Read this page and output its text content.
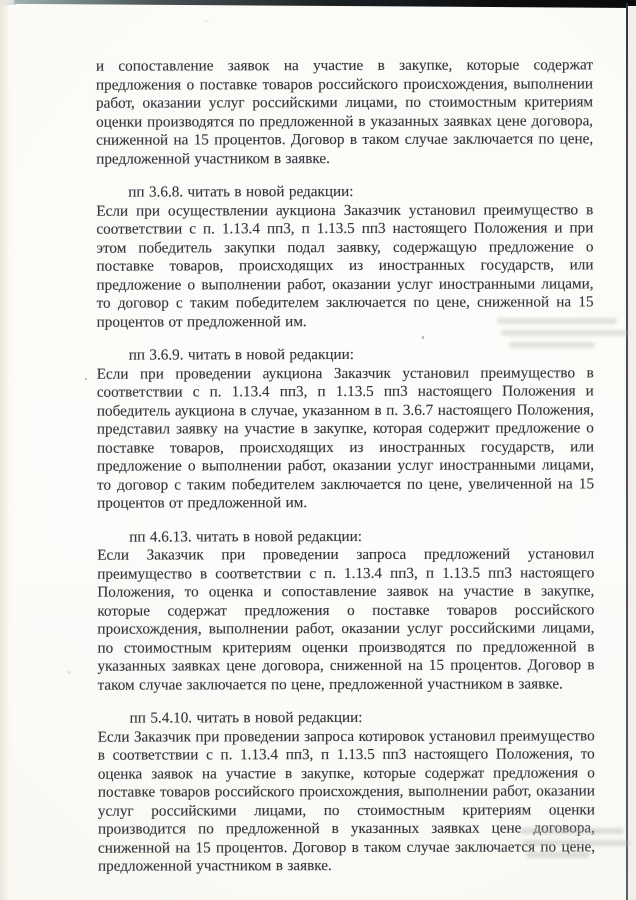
и сопоставление заявок на участие в закупке, которые содержат предложения о поставке товаров российского происхождения, выполнении работ, оказании услуг российскими лицами, по стоимостным критериям оценки производятся по предложенной в указанных заявках цене договора, сниженной на 15 процентов. Договор в таком случае заключается по цене, предложенной участником в заявке.

пп 3.6.8. читать в новой редакции:

Если при осуществлении аукциона Заказчик установил преимущество в соответствии с п. 1.13.4 пп3, п 1.13.5 пп3 настоящего Положения и при этом победитель закупки подал заявку, содержащую предложение о поставке товаров, происходящих из иностранных государств, или предложение о выполнении работ, оказании услуг иностранными лицами, то договор с таким победителем заключается по цене, сниженной на 15 процентов от предложенной им.

пп 3.6.9. читать в новой редакции:

Если при проведении аукциона Заказчик установил преимущество в соответствии с п. 1.13.4 пп3, п 1.13.5 пп3 настоящего Положения и победитель аукциона в случае, указанном в п. 3.6.7 настоящего Положения, представил заявку на участие в закупке, которая содержит предложение о поставке товаров, происходящих из иностранных государств, или предложение о выполнении работ, оказании услуг иностранными лицами, то договор с таким победителем заключается по цене, увеличенной на 15 процентов от предложенной им.

пп 4.6.13. читать в новой редакции:

Если Заказчик при проведении запроса предложений установил преимущество в соответствии с п. 1.13.4 пп3, п 1.13.5 пп3 настоящего Положения, то оценка и сопоставление заявок на участие в закупке, которые содержат предложения о поставке товаров российского происхождения, выполнении работ, оказании услуг российскими лицами, по стоимостным критериям оценки производятся по предложенной в указанных заявках цене договора, сниженной на 15 процентов. Договор в таком случае заключается по цене, предложенной участником в заявке.

пп 5.4.10. читать в новой редакции:

Если Заказчик при проведении запроса котировок установил преимущество в соответствии с п. 1.13.4 пп3, п 1.13.5 пп3 настоящего Положения, то оценка заявок на участие в закупке, которые содержат предложения о поставке товаров российского происхождения, выполнении работ, оказании услуг российскими лицами, по стоимостным критериям оценки производится по предложенной в указанных заявках цене договора, сниженной на 15 процентов. Договор в таком случае заключается по цене, предложенной участником в заявке.
